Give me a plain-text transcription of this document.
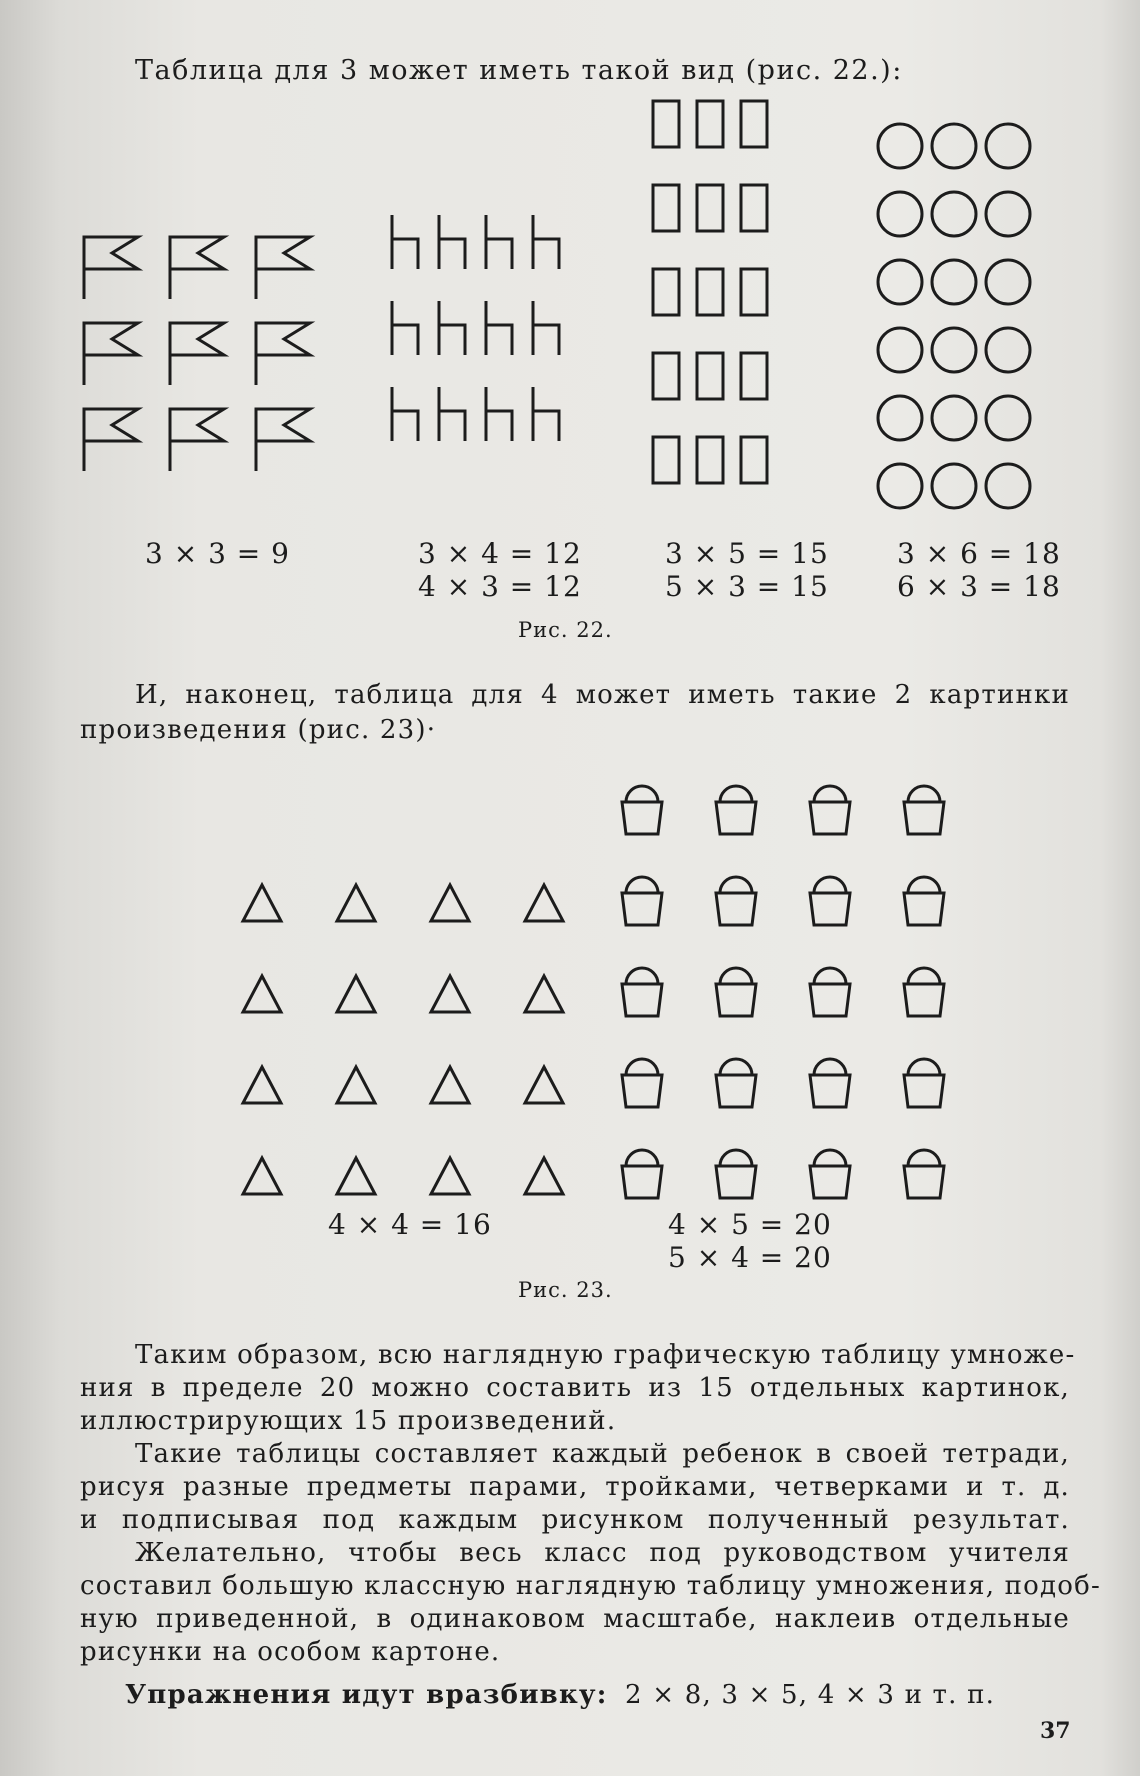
Таблица для 3 может иметь такой вид (рис. 22.):
3 × 3 = 9	3 × 4 = 12
4 × 3 = 12
3 × 5 = 15
5 × 3 = 15
3 × 6 = 18
6 × 3 = 18
Рис. 22.
И, наконец, таблица для 4 может иметь такие 2 картинки
произведения (рис. 23)·
4 × 4 = 16	4 × 5 = 20
5 × 4 = 20
Рис. 23.
Таким образом, всю наглядную графическую таблицу умноже-
ния в пределе 20 можно составить из 15 отдельных картинок,
иллюстрирующих 15 произведений.
Такие таблицы составляет каждый ребенок в своей тетради,
рисуя разные предметы парами, тройками, четверками и т. д.
и подписывая под каждым рисунком полученный результат.
Желательно, чтобы весь класс под руководством учителя
составил большую классную наглядную таблицу умножения, подоб-
ную приведенной, в одинаковом масштабе, наклеив отдельные
рисунки на особом картоне.
Упражнения идут вразбивку: 2 × 8, 3 × 5, 4 × 3 и т. п.
37
